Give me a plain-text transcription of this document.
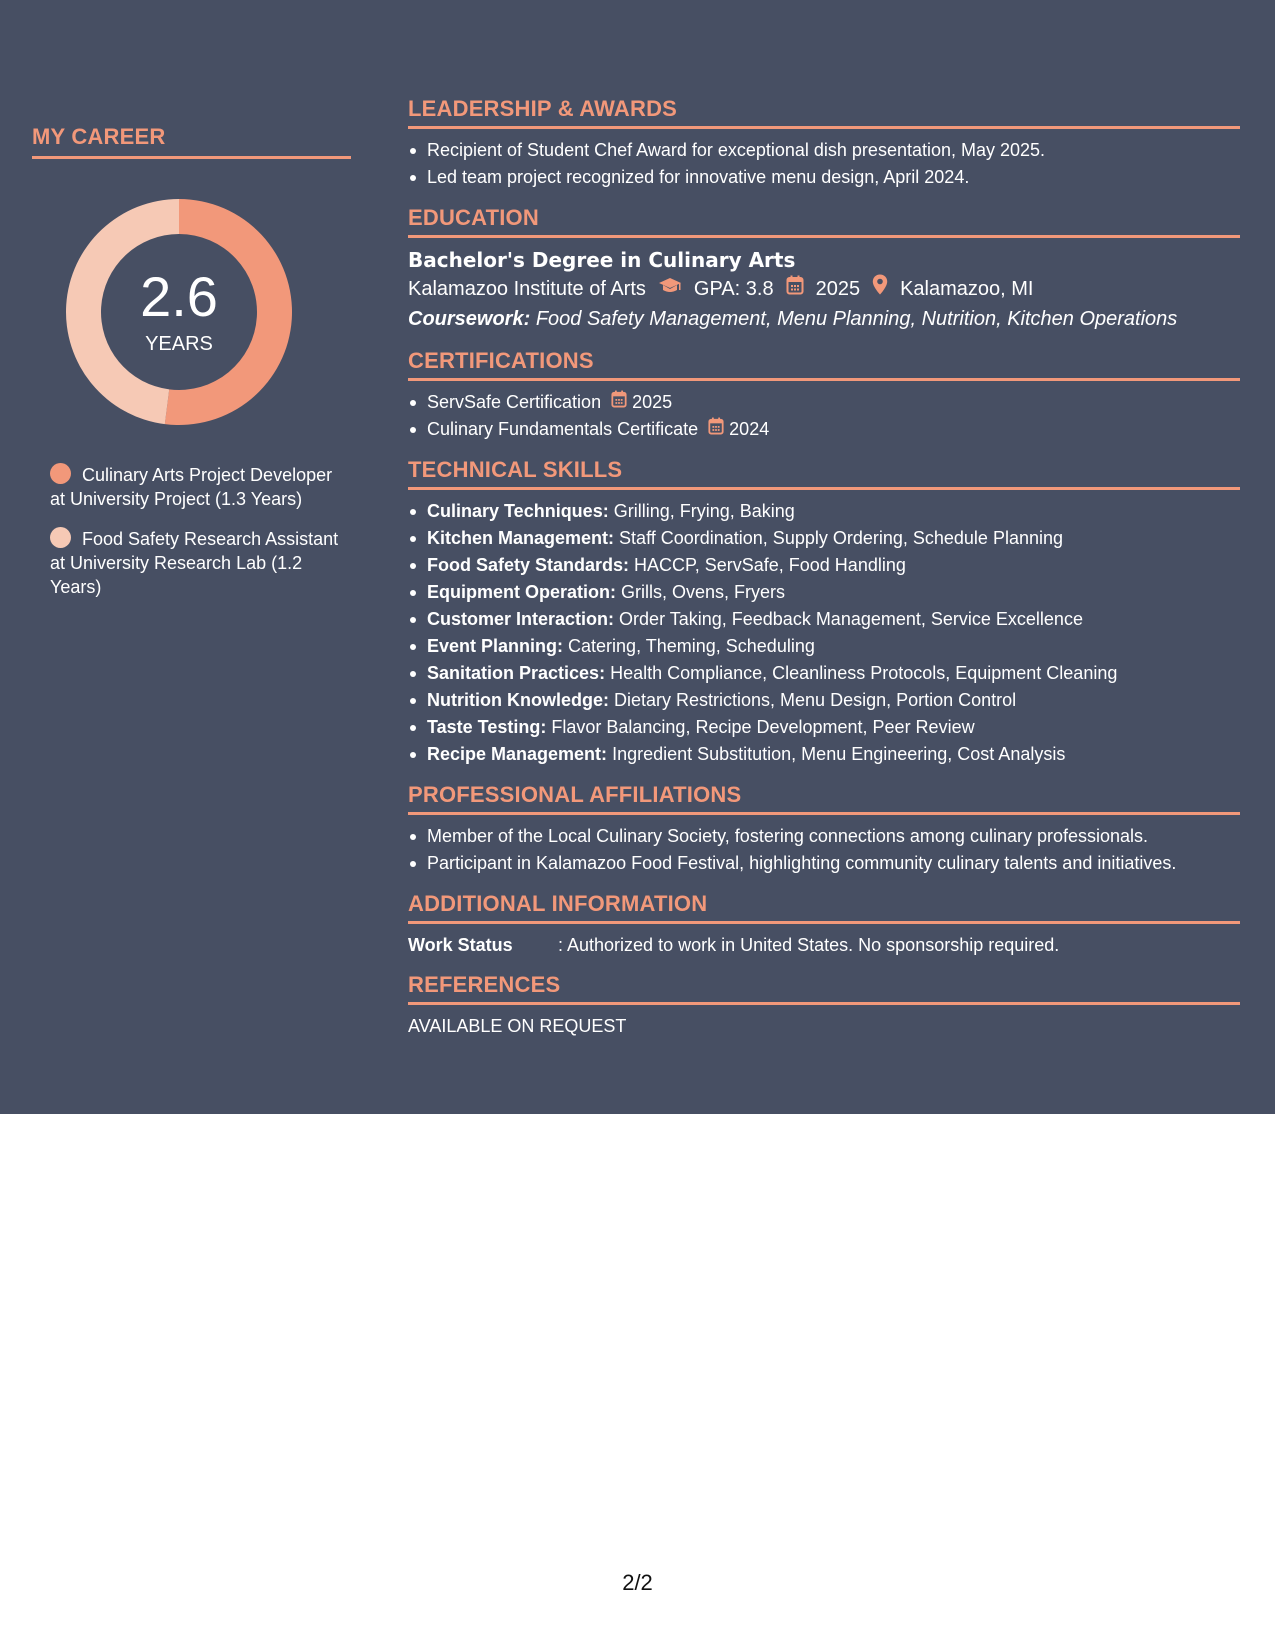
MY CAREER
2.6
YEARS
Culinary Arts Project Developer at University Project (1.3 Years)
Food Safety Research Assistant at University Research Lab (1.2 Years)
LEADERSHIP & AWARDS
Recipient of Student Chef Award for exceptional dish presentation, May 2025.
Led team project recognized for innovative menu design, April 2024.
EDUCATION
Bachelor's Degree in Culinary Arts
Kalamazoo Institute of Arts GPA: 3.8 2025 Kalamazoo, MI
Coursework: Food Safety Management, Menu Planning, Nutrition, Kitchen Operations
CERTIFICATIONS
ServSafe Certification
2025
Culinary Fundamentals Certificate
2024
TECHNICAL SKILLS
Culinary Techniques: Grilling, Frying, Baking
Kitchen Management: Staff Coordination, Supply Ordering, Schedule Planning
Food Safety Standards: HACCP, ServSafe, Food Handling
Equipment Operation: Grills, Ovens, Fryers
Customer Interaction: Order Taking, Feedback Management, Service Excellence
Event Planning: Catering, Theming, Scheduling
Sanitation Practices: Health Compliance, Cleanliness Protocols, Equipment Cleaning
Nutrition Knowledge: Dietary Restrictions, Menu Design, Portion Control
Taste Testing: Flavor Balancing, Recipe Development, Peer Review
Recipe Management: Ingredient Substitution, Menu Engineering, Cost Analysis
PROFESSIONAL AFFILIATIONS
Member of the Local Culinary Society, fostering connections among culinary professionals.
Participant in Kalamazoo Food Festival, highlighting community culinary talents and initiatives.
ADDITIONAL INFORMATION
Work Status	: Authorized to work in United States. No sponsorship required.
REFERENCES
AVAILABLE ON REQUEST
2/2
